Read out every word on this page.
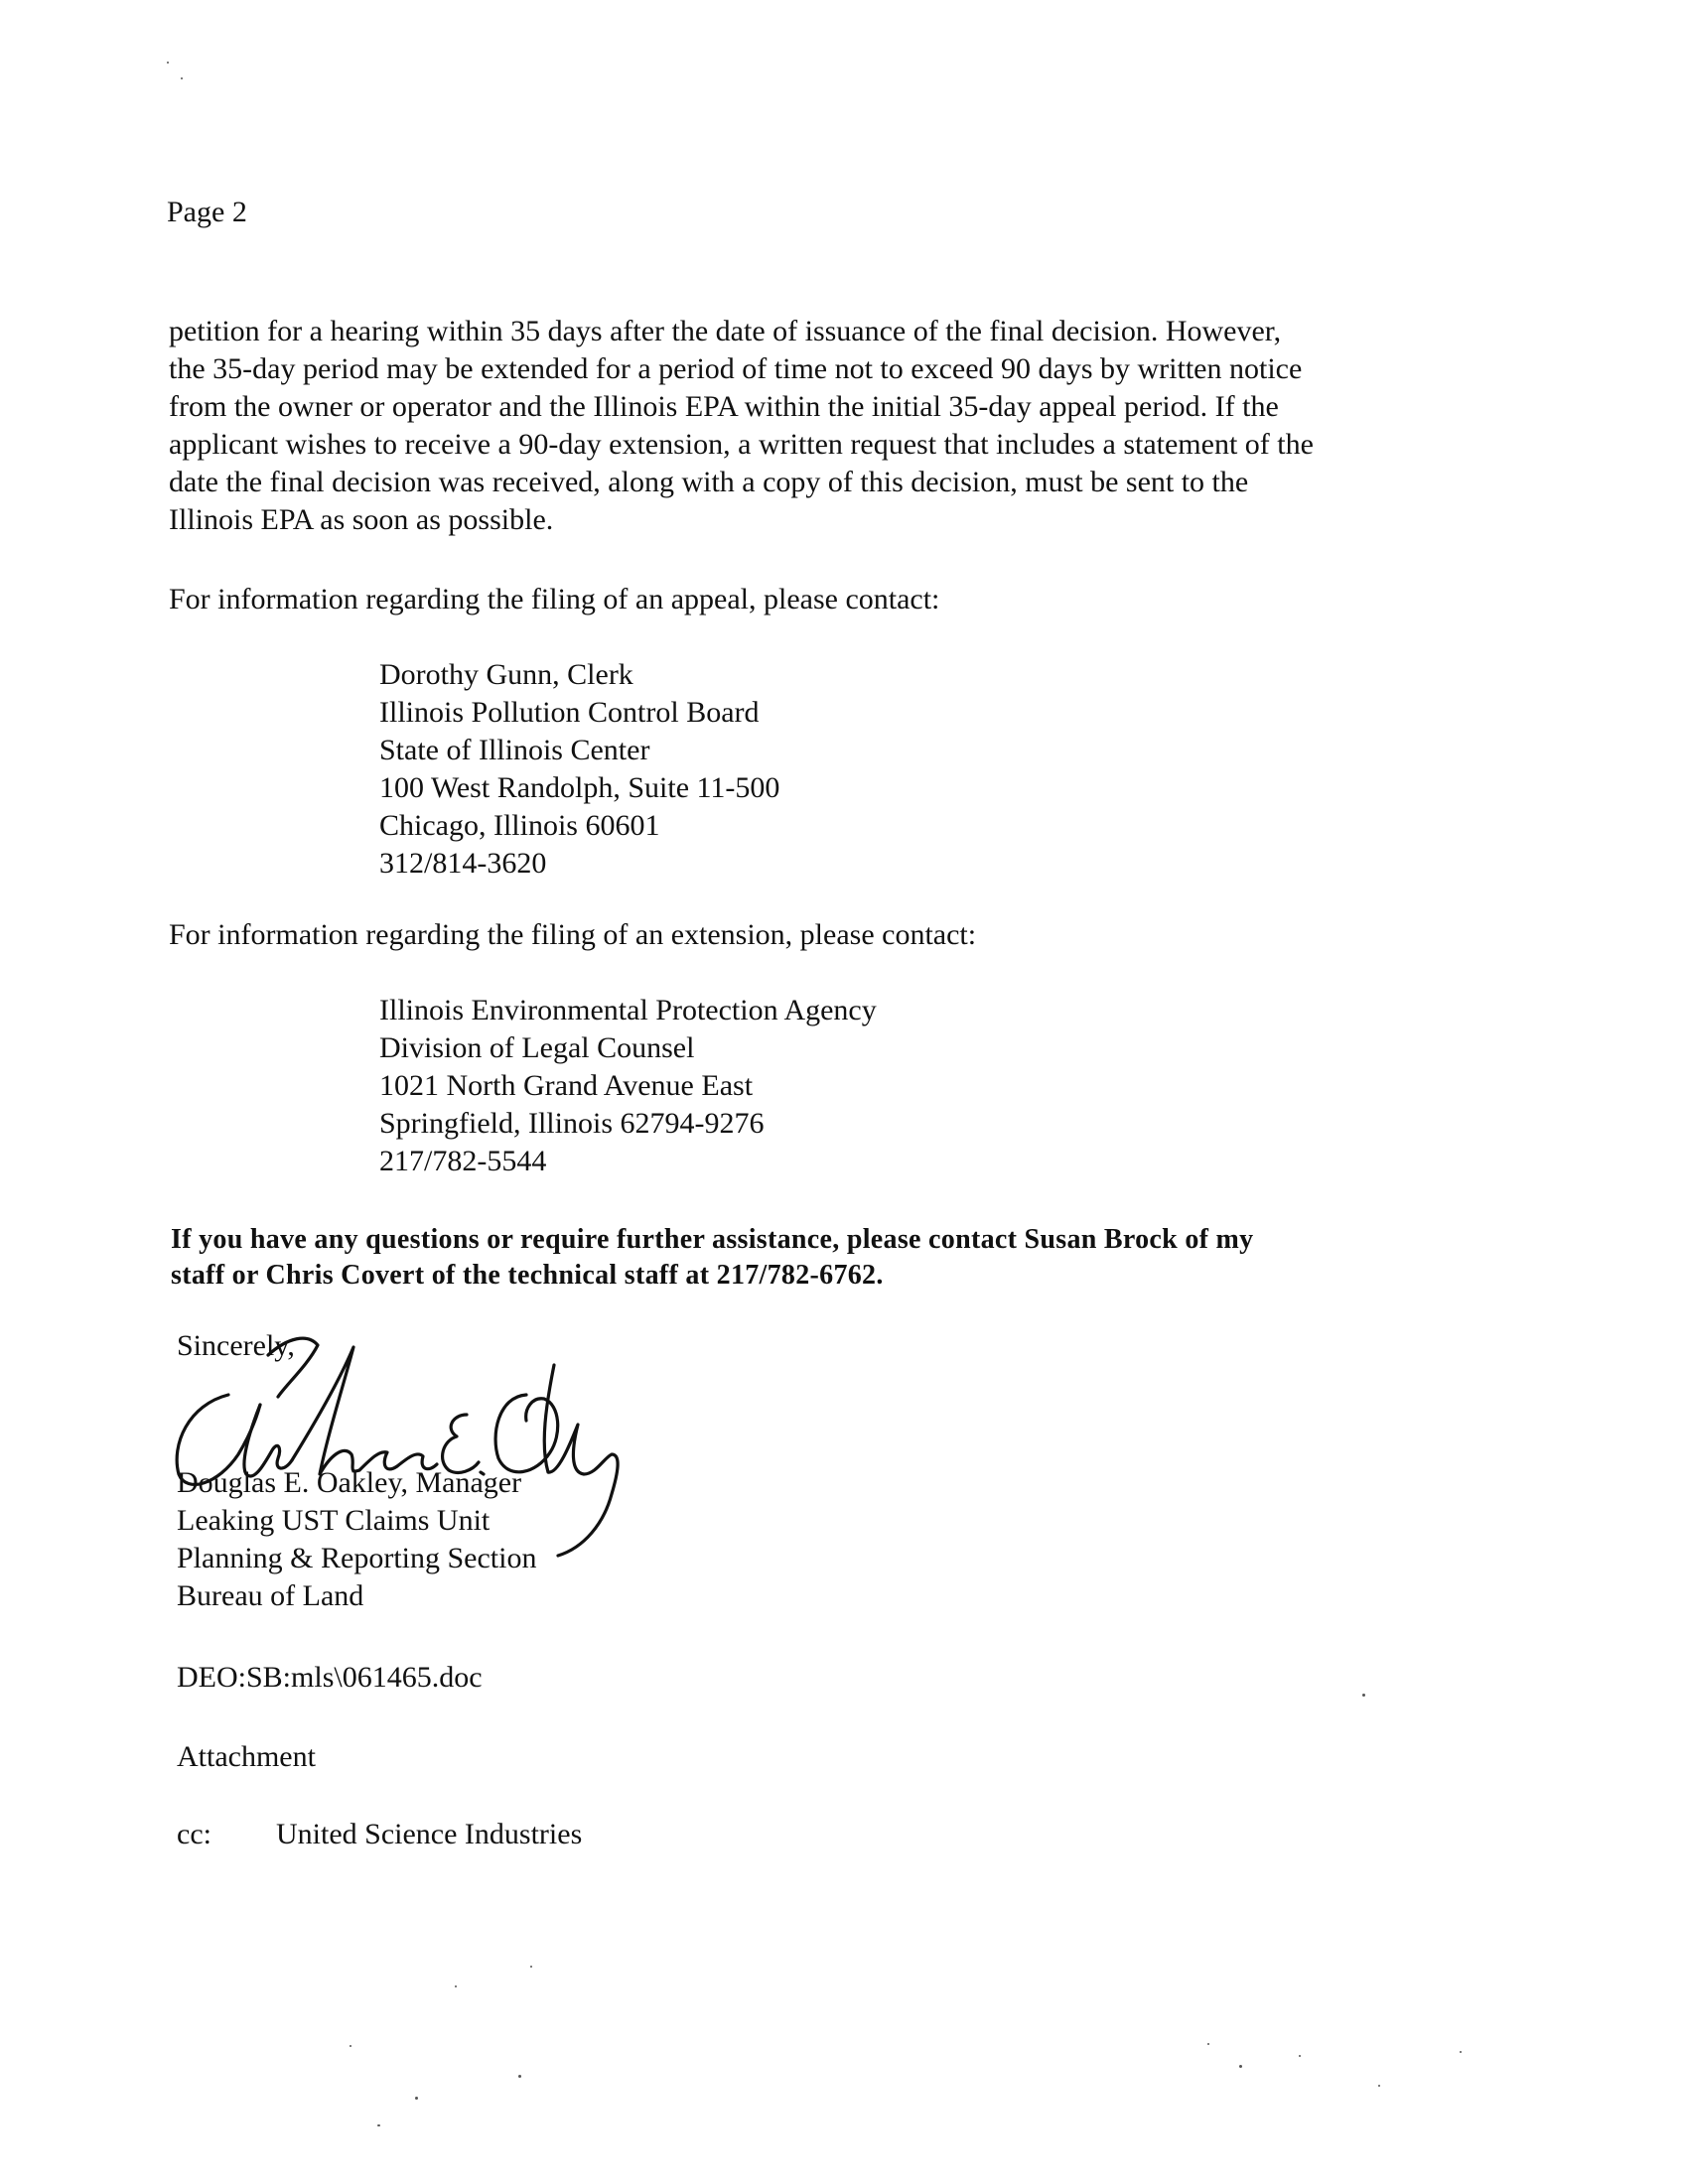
Page 2
petition for a hearing within 35 days after the date of issuance of the final decision. However,
the 35-day period may be extended for a period of time not to exceed 90 days by written notice
from the owner or operator and the Illinois EPA within the initial 35-day appeal period. If the
applicant wishes to receive a 90-day extension, a written request that includes a statement of the
date the final decision was received, along with a copy of this decision, must be sent to the
Illinois EPA as soon as possible.
For information regarding the filing of an appeal, please contact:
Dorothy Gunn, Clerk
Illinois Pollution Control Board
State of Illinois Center
100 West Randolph, Suite 11-500
Chicago, Illinois 60601
312/814-3620
For information regarding the filing of an extension, please contact:
Illinois Environmental Protection Agency
Division of Legal Counsel
1021 North Grand Avenue East
Springfield, Illinois 62794-9276
217/782-5544
If you have any questions or require further assistance, please contact Susan Brock of my
staff or Chris Covert of the technical staff at 217/782-6762.
Sincerely,
Douglas E. Oakley, Manager
Leaking UST Claims Unit
Planning & Reporting Section
Bureau of Land
DEO:SB:mls\061465.doc
Attachment
cc: United Science Industries
